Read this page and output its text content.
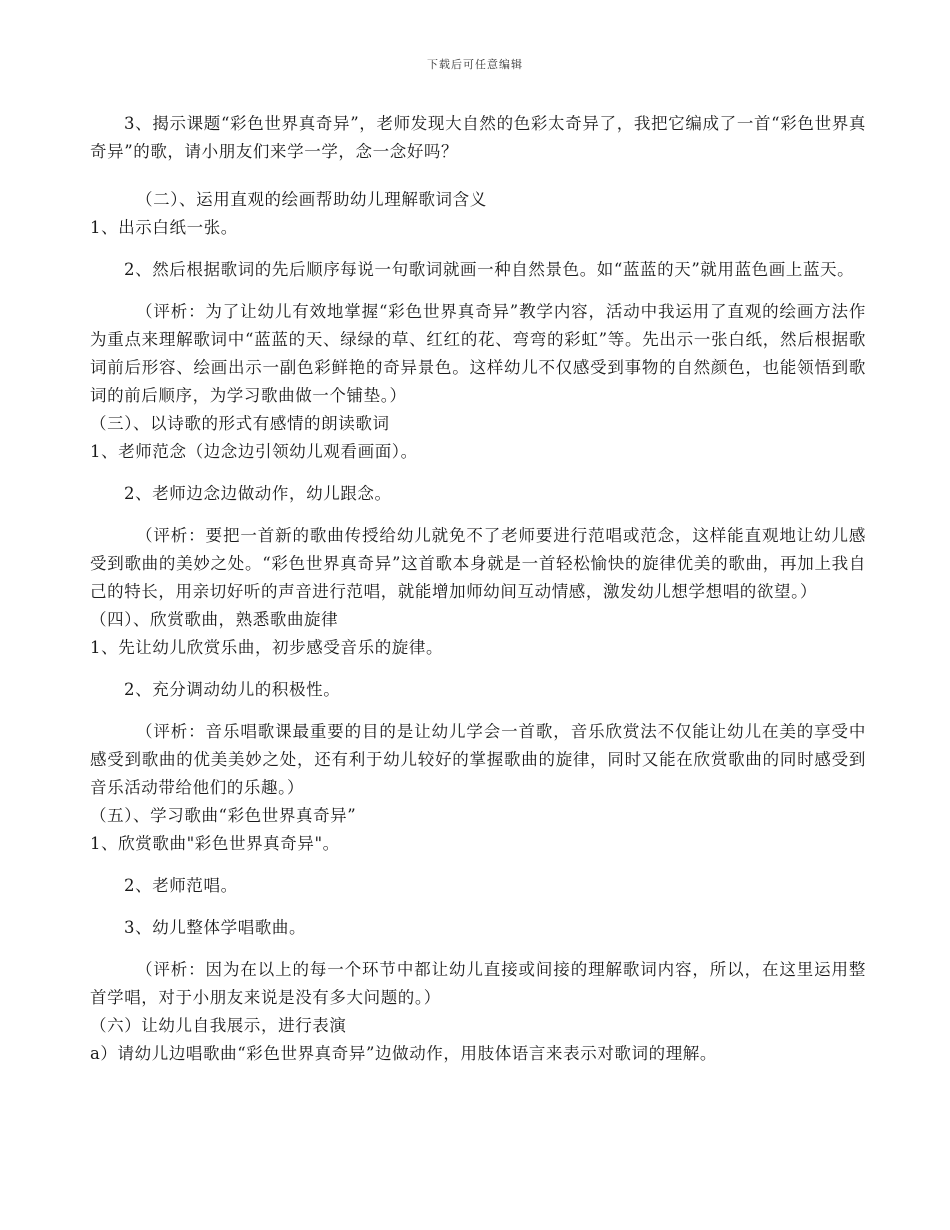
下载后可任意编辑

3、揭示课题“彩色世界真奇异”，老师发现大自然的色彩太奇异了，我把它编成了一首“彩色世界真奇异”的歌，请小朋友们来学一学，念一念好吗？

（二）、运用直观的绘画帮助幼儿理解歌词含义

1、出示白纸一张。

2、然后根据歌词的先后顺序每说一句歌词就画一种自然景色。如“蓝蓝的天”就用蓝色画上蓝天。

（评析：为了让幼儿有效地掌握“彩色世界真奇异”教学内容，活动中我运用了直观的绘画方法作为重点来理解歌词中“蓝蓝的天、绿绿的草、红红的花、弯弯的彩虹”等。先出示一张白纸，然后根据歌词前后形容、绘画出示一副色彩鲜艳的奇异景色。这样幼儿不仅感受到事物的自然颜色，也能领悟到歌词的前后顺序，为学习歌曲做一个铺垫。）

（三）、以诗歌的形式有感情的朗读歌词

1、老师范念（边念边引领幼儿观看画面）。

2、老师边念边做动作，幼儿跟念。

（评析：要把一首新的歌曲传授给幼儿就免不了老师要进行范唱或范念，这样能直观地让幼儿感受到歌曲的美妙之处。“彩色世界真奇异”这首歌本身就是一首轻松愉快的旋律优美的歌曲，再加上我自己的特长，用亲切好听的声音进行范唱，就能增加师幼间互动情感，激发幼儿想学想唱的欲望。）

（四）、欣赏歌曲，熟悉歌曲旋律

1、先让幼儿欣赏乐曲，初步感受音乐的旋律。

2、充分调动幼儿的积极性。

（评析：音乐唱歌课最重要的目的是让幼儿学会一首歌，音乐欣赏法不仅能让幼儿在美的享受中感受到歌曲的优美美妙之处，还有利于幼儿较好的掌握歌曲的旋律，同时又能在欣赏歌曲的同时感受到音乐活动带给他们的乐趣。）

（五）、学习歌曲“彩色世界真奇异”

1、欣赏歌曲"彩色世界真奇异"。

2、老师范唱。

3、幼儿整体学唱歌曲。

（评析：因为在以上的每一个环节中都让幼儿直接或间接的理解歌词内容，所以，在这里运用整首学唱，对于小朋友来说是没有多大问题的。）

（六）让幼儿自我展示，进行表演

a）请幼儿边唱歌曲“彩色世界真奇异”边做动作，用肢体语言来表示对歌词的理解。
